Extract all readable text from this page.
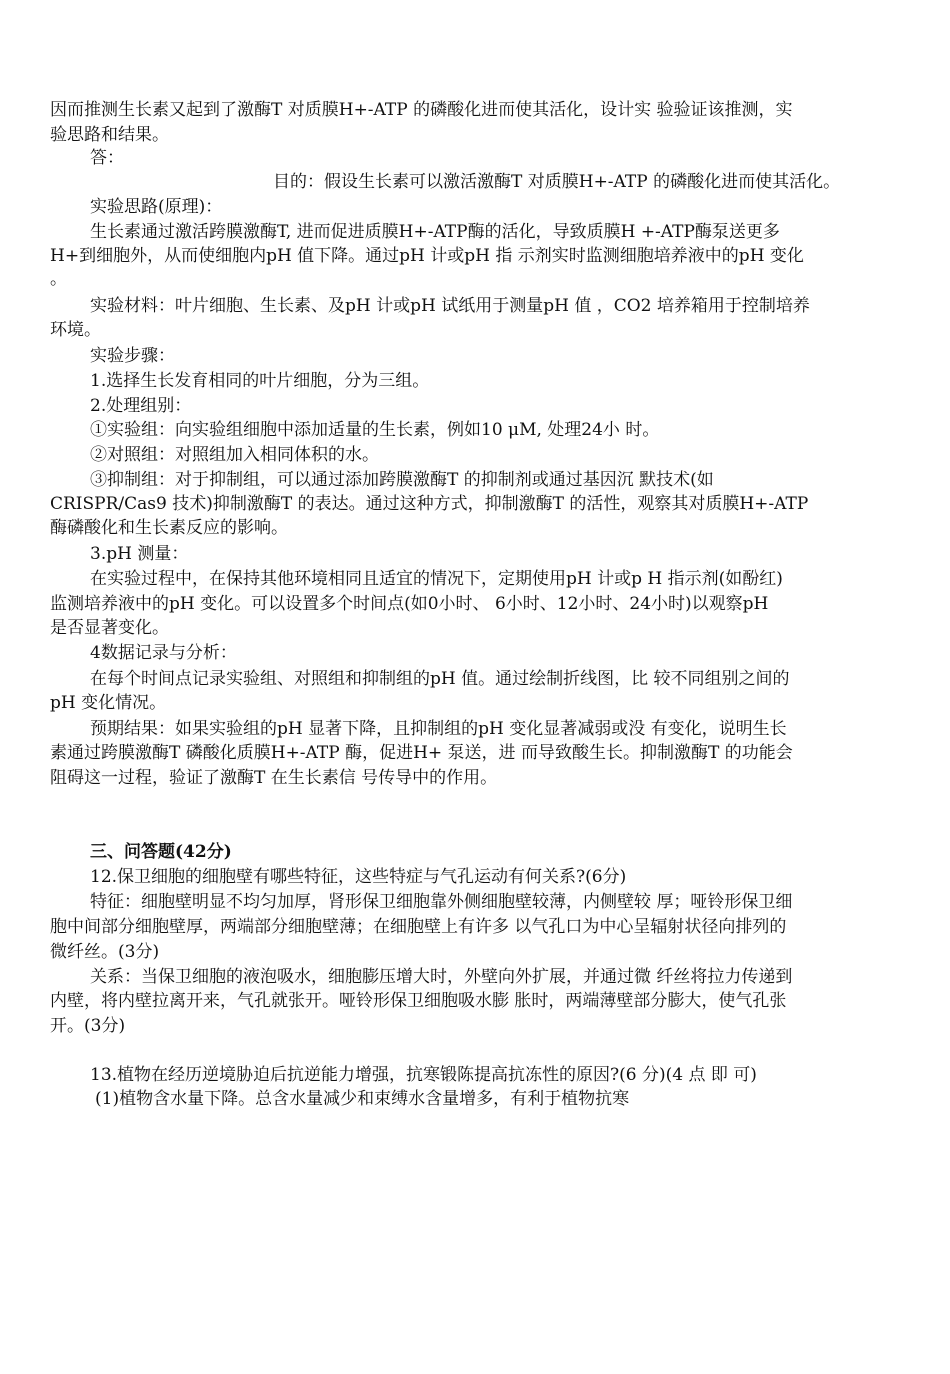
因而推测生长素又起到了激酶T 对质膜H+-ATP 的磷酸化进而使其活化，设计实 验验证该推测，实
验思路和结果。
答：
目的：假设生长素可以激活激酶T 对质膜H+-ATP 的磷酸化进而使其活化。
实验思路(原理)：
生长素通过激活跨膜激酶T, 进而促进质膜H+-ATP酶的活化，导致质膜H +-ATP酶泵送更多
H+到细胞外，从而使细胞内pH 值下降。通过pH 计或pH 指 示剂实时监测细胞培养液中的pH 变化
。
实验材料：叶片细胞、生长素、及pH 计或pH 试纸用于测量pH 值 ，CO2 培养箱用于控制培养
环境。
实验步骤：
1.选择生长发育相同的叶片细胞，分为三组。
2.处理组别：
①实验组：向实验组细胞中添加适量的生长素，例如10 μM, 处理24小 时。
②对照组：对照组加入相同体积的水。
③抑制组：对于抑制组，可以通过添加跨膜激酶T 的抑制剂或通过基因沉 默技术(如
CRISPR/Cas9 技术)抑制激酶T 的表达。通过这种方式，抑制激酶T 的活性，观察其对质膜H+-ATP
酶磷酸化和生长素反应的影响。
3.pH 测量：
在实验过程中，在保持其他环境相同且适宜的情况下，定期使用pH 计或p H 指示剂(如酚红)
监测培养液中的pH 变化。可以设置多个时间点(如0小时、 6小时、12小时、24小时)以观察pH
是否显著变化。
4数据记录与分析：
在每个时间点记录实验组、对照组和抑制组的pH 值。通过绘制折线图，比 较不同组别之间的
pH 变化情况。
预期结果：如果实验组的pH 显著下降，且抑制组的pH 变化显著减弱或没 有变化，说明生长
素通过跨膜激酶T 磷酸化质膜H+-ATP 酶，促进H+ 泵送，进 而导致酸生长。抑制激酶T 的功能会
阻碍这一过程，验证了激酶T 在生长素信 号传导中的作用。
三、问答题(42分)
12.保卫细胞的细胞壁有哪些特征，这些特症与气孔运动有何关系?(6分)
特征：细胞壁明显不均匀加厚，肾形保卫细胞靠外侧细胞壁较薄，内侧壁较 厚；哑铃形保卫细
胞中间部分细胞壁厚，两端部分细胞壁薄；在细胞壁上有许多 以气孔口为中心呈辐射状径向排列的
微纤丝。(3分)
关系：当保卫细胞的液泡吸水，细胞膨压增大时，外壁向外扩展，并通过微 纤丝将拉力传递到
内壁，将内壁拉离开来，气孔就张开。哑铃形保卫细胞吸水膨 胀时，两端薄壁部分膨大，使气孔张
开。(3分)
13.植物在经历逆境胁迫后抗逆能力增强，抗寒锻陈提高抗冻性的原因?(6 分)(4 点 即 可)
(1)植物含水量下降。总含水量减少和束缚水含量增多，有利于植物抗寒
